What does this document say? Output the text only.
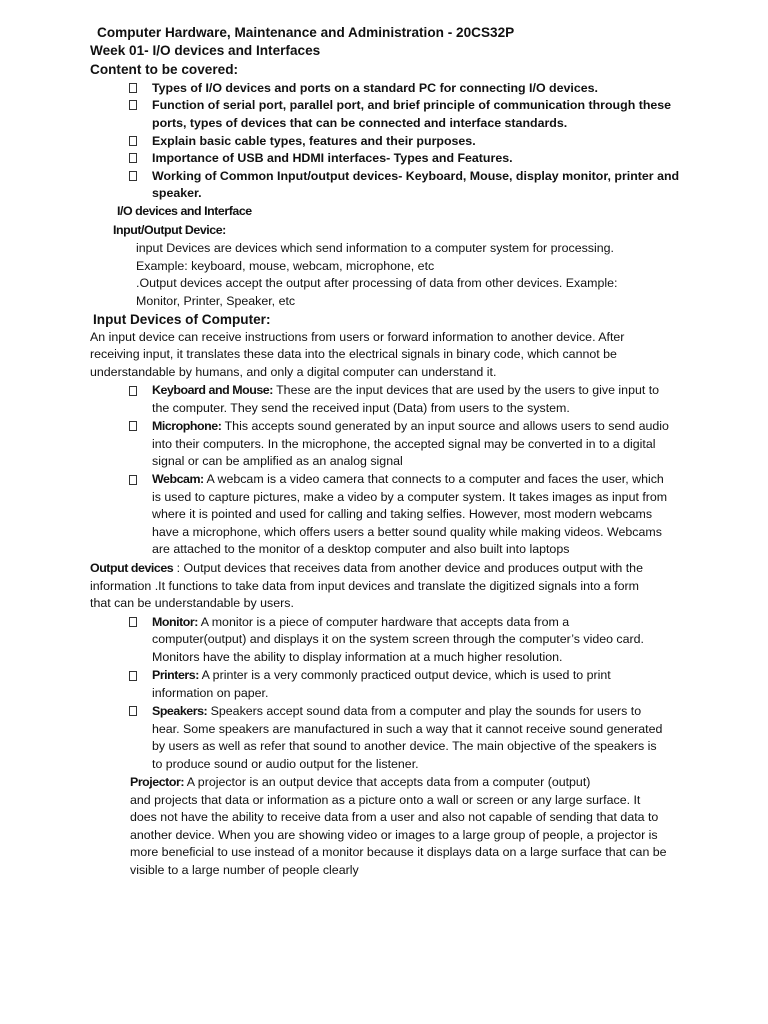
Computer Hardware, Maintenance and Administration - 20CS32P
Week 01- I/O devices and Interfaces
Content to be covered:
Types of I/O devices and ports on a standard PC for connecting I/O devices.
Function of serial port, parallel port, and brief principle of communication through these
ports, types of devices that can be connected and interface standards.
Explain basic cable types, features and their purposes.
Importance of USB and HDMI interfaces- Types and Features.
Working of Common Input/output devices- Keyboard, Mouse, display monitor, printer and
speaker.
I/O devices and Interface
Input/Output Device:
input Devices are devices which send information to a computer system for processing.
Example: keyboard, mouse, webcam, microphone, etc
.Output devices accept the output after processing of data from other devices. Example:
Monitor, Printer, Speaker, etc
Input Devices of Computer:
An input device can receive instructions from users or forward information to another device. After
receiving input, it translates these data into the electrical signals in binary code, which cannot be
understandable by humans, and only a digital computer can understand it.
Keyboard and Mouse: These are the input devices that are used by the users to give input to
the computer. They send the received input (Data) from users to the system.
Microphone: This accepts sound generated by an input source and allows users to send audio
into their computers. In the microphone, the accepted signal may be converted in to a digital
signal or can be amplified as an analog signal
Webcam: A webcam is a video camera that connects to a computer and faces the user, which
is used to capture pictures, make a video by a computer system. It takes images as input from
where it is pointed and used for calling and taking selfies. However, most modern webcams
have a microphone, which offers users a better sound quality while making videos. Webcams
are attached to the monitor of a desktop computer and also built into laptops
Output devices : Output devices that receives data from another device and produces output with the
information .It functions to take data from input devices and translate the digitized signals into a form
that can be understandable by users.
Monitor: A monitor is a piece of computer hardware that accepts data from a
computer(output) and displays it on the system screen through the computer’s video card.
Monitors have the ability to display information at a much higher resolution.
Printers: A printer is a very commonly practiced output device, which is used to print
information on paper.
Speakers: Speakers accept sound data from a computer and play the sounds for users to
hear. Some speakers are manufactured in such a way that it cannot receive sound generated
by users as well as refer that sound to another device. The main objective of the speakers is
to produce sound or audio output for the listener.
Projector: A projector is an output device that accepts data from a computer (output)
and projects that data or information as a picture onto a wall or screen or any large surface. It
does not have the ability to receive data from a user and also not capable of sending that data to
another device. When you are showing video or images to a large group of people, a projector is
more beneficial to use instead of a monitor because it displays data on a large surface that can be
visible to a large number of people clearly
